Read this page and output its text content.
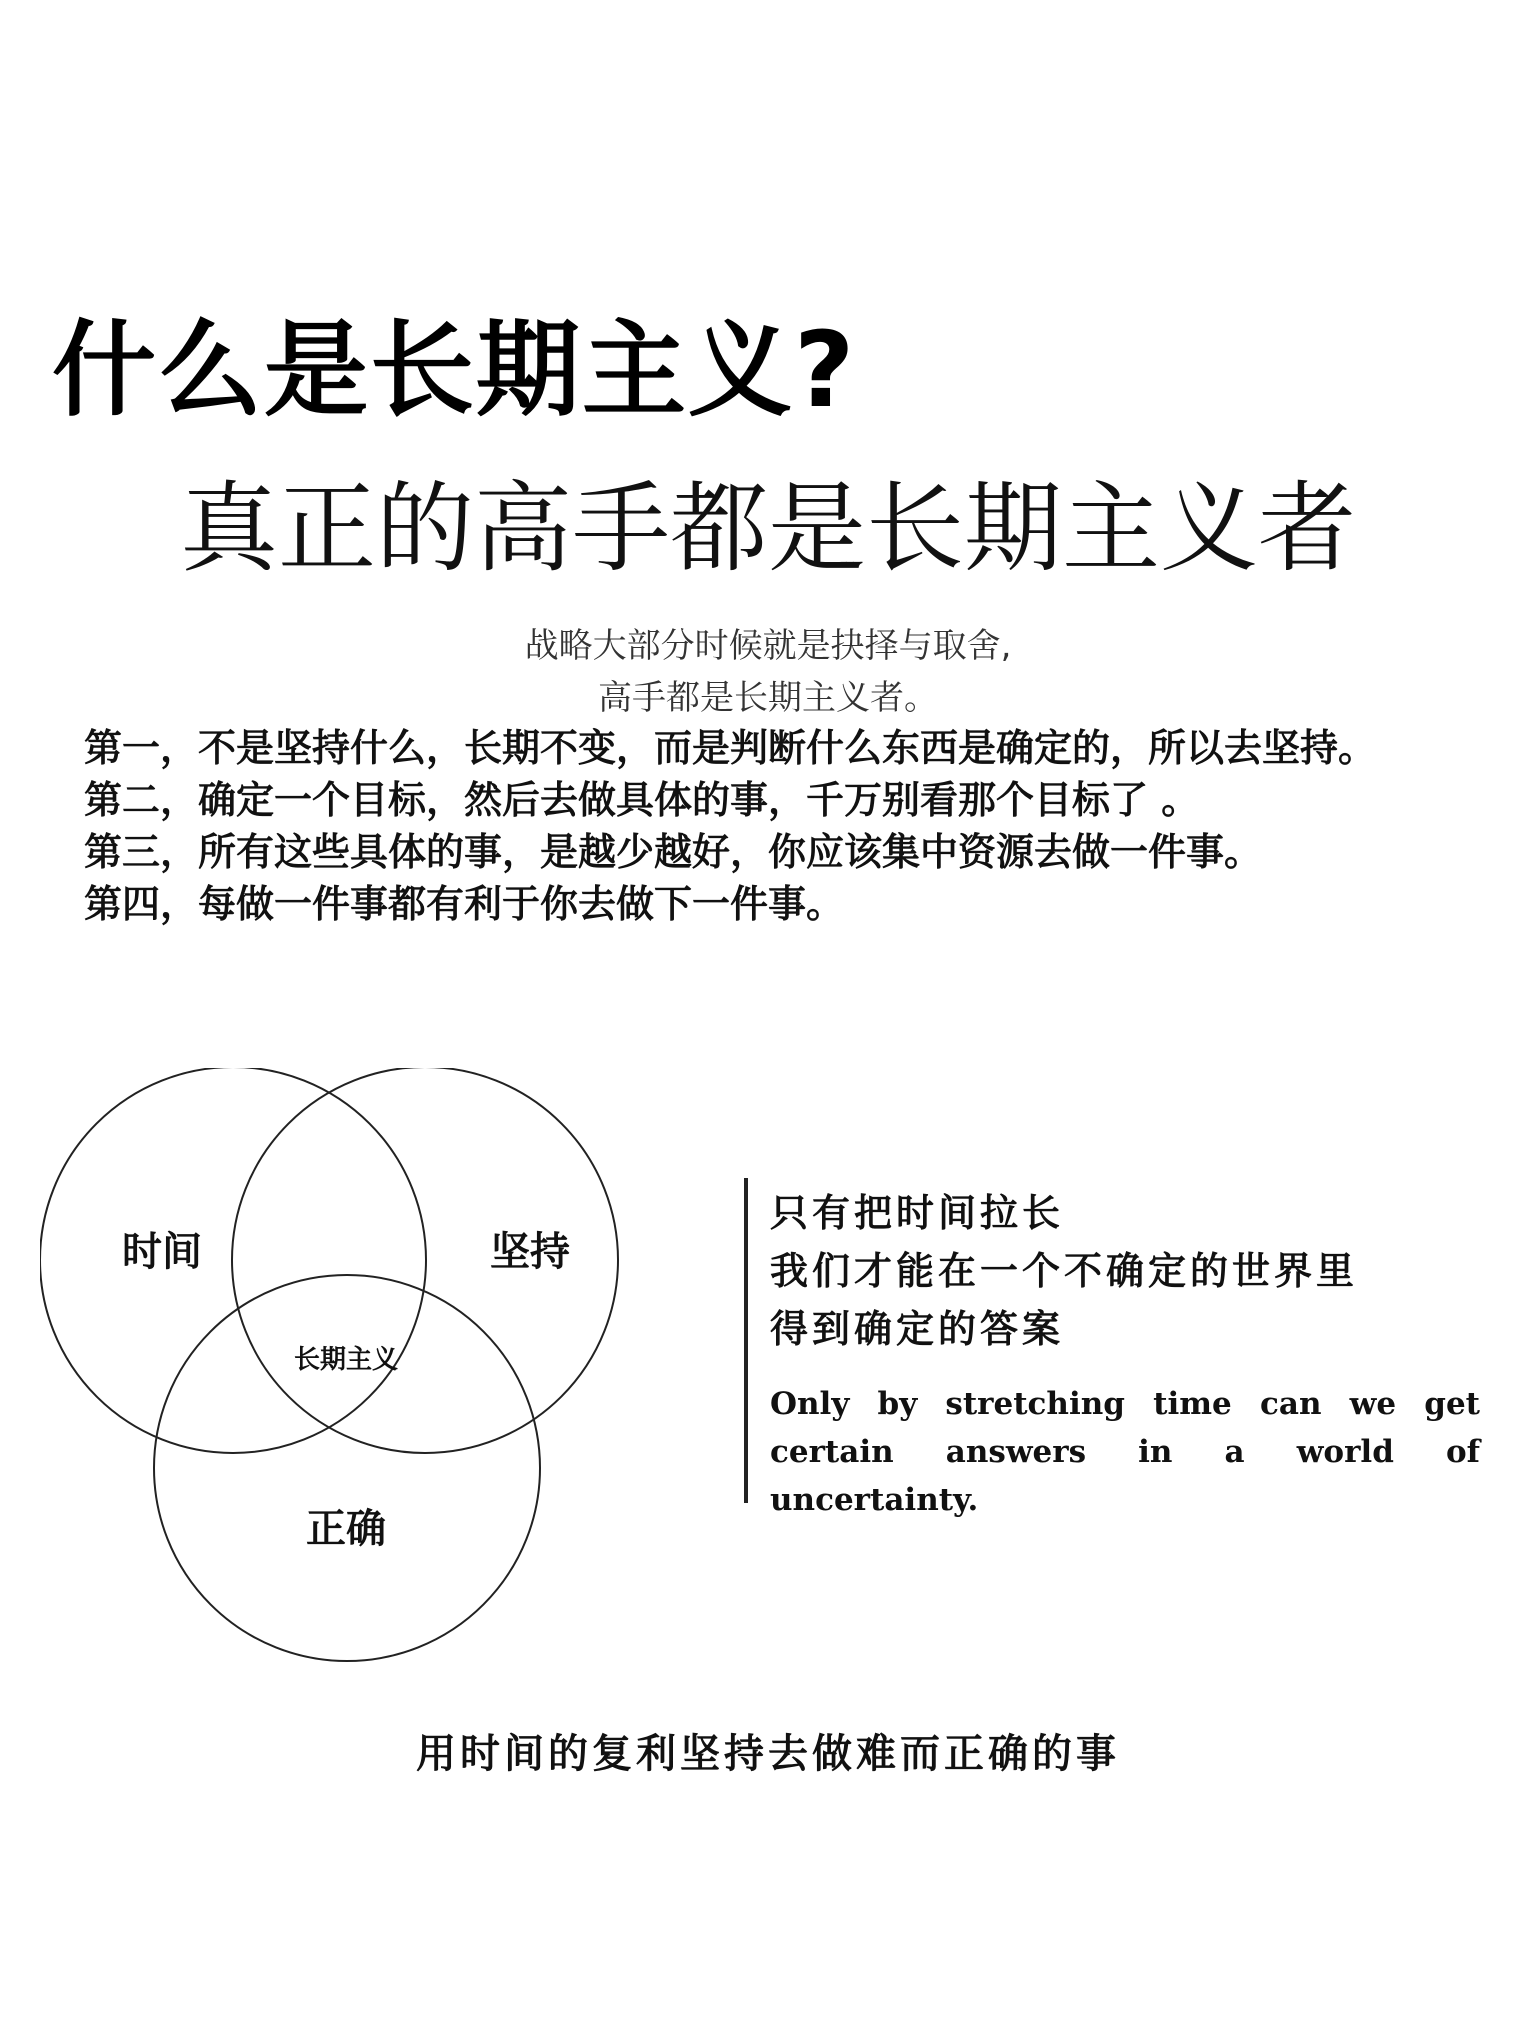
什么是长期主义?
真正的高手都是长期主义者
战略大部分时候就是抉择与取舍,
高手都是长期主义者。
第一，不是坚持什么，长期不变，而是判断什么东西是确定的，所以去坚持。
第二，确定一个目标，然后去做具体的事，千万别看那个目标了 。
第三，所有这些具体的事，是越少越好，你应该集中资源去做一件事。
第四，每做一件事都有利于你去做下一件事。
时间	坚持
长期主义
正确
只有把时间拉长
我们才能在一个不确定的世界里
得到确定的答案
Only by stretching time can we get certain answers in a world of uncertainty.
用时间的复利坚持去做难而正确的事
